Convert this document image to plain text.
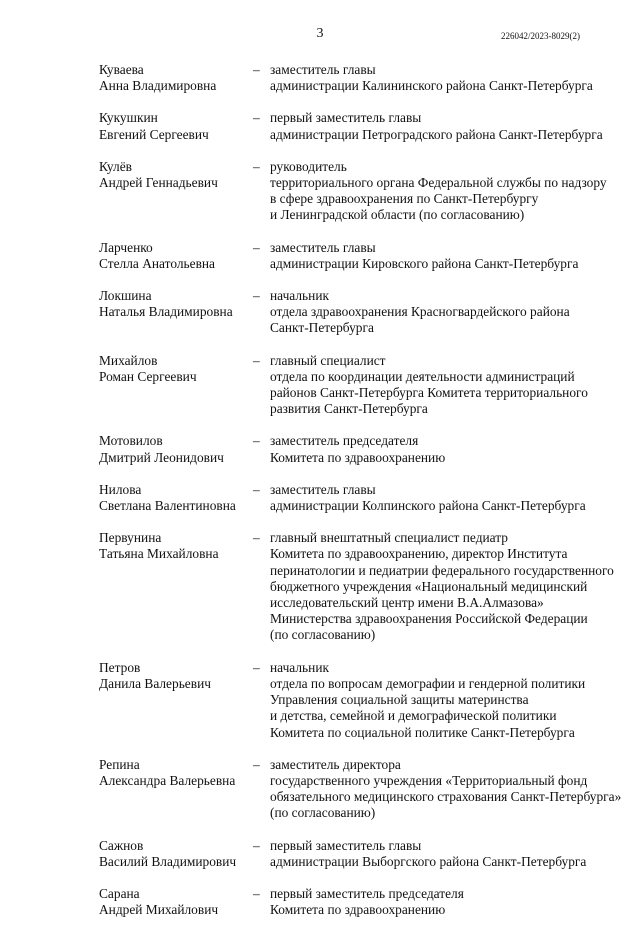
3	226042/2023-8029(2)
Куваева
Анна Владимировна
– заместитель главы
администрации Калининского района Санкт-Петербурга
Кукушкин
Евгений Сергеевич
– первый заместитель главы
администрации Петроградского района Санкт-Петербурга
Кулёв
Андрей Геннадьевич
– руководитель
территориального органа Федеральной службы по надзору
в сфере здравоохранения по Санкт-Петербургу
и Ленинградской области (по согласованию)
Ларченко
Стелла Анатольевна
– заместитель главы
администрации Кировского района Санкт-Петербурга
Локшина
Наталья Владимировна
– начальник
отдела здравоохранения Красногвардейского района
Санкт-Петербурга
Михайлов
Роман Сергеевич
– главный специалист
отдела по координации деятельности администраций
районов Санкт-Петербурга Комитета территориального
развития Санкт-Петербурга
Мотовилов
Дмитрий Леонидович
– заместитель председателя
Комитета по здравоохранению
Нилова
Светлана Валентиновна
– заместитель главы
администрации Колпинского района Санкт-Петербурга
Первунина
Татьяна Михайловна
– главный внештатный специалист педиатр
Комитета по здравоохранению, директор Института
перинатологии и педиатрии федерального государственного
бюджетного учреждения «Национальный медицинский
исследовательский центр имени В.А.Алмазова»
Министерства здравоохранения Российской Федерации
(по согласованию)
Петров
Данила Валерьевич
– начальник
отдела по вопросам демографии и гендерной политики
Управления социальной защиты материнства
и детства, семейной и демографической политики
Комитета по социальной политике Санкт-Петербурга
Репина
Александра Валерьевна
– заместитель директора
государственного учреждения «Территориальный фонд
обязательного медицинского страхования Санкт-Петербурга»
(по согласованию)
Сажнов
Василий Владимирович
– первый заместитель главы
администрации Выборгского района Санкт-Петербурга
Сарана
Андрей Михайлович
– первый заместитель председателя
Комитета по здравоохранению
